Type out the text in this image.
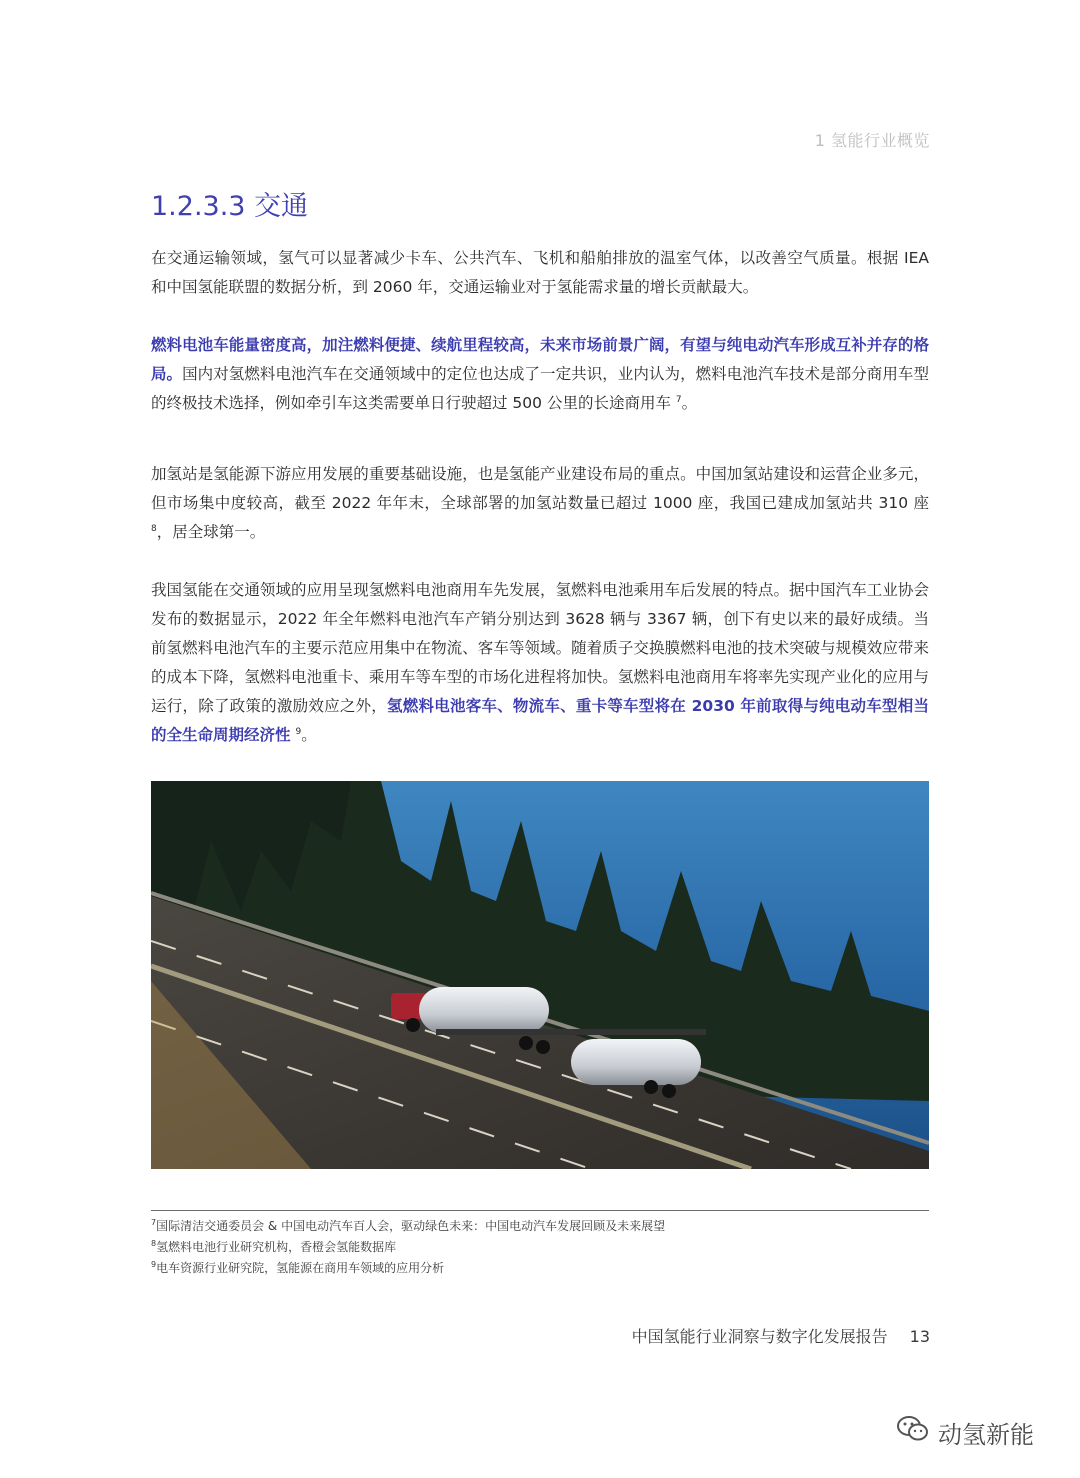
1 氢能行业概览
1.2.3.3 交通

在交通运输领域，氢气可以显著减少卡车、公共汽车、飞机和船舶排放的温室气体，以改善空气质量。根据 IEA 和中国氢能联盟的数据分析，到 2060 年，交通运输业对于氢能需求量的增长贡献最大。

燃料电池车能量密度高，加注燃料便捷、续航里程较高，未来市场前景广阔，有望与纯电动汽车形成互补并存的格局。国内对氢燃料电池汽车在交通领域中的定位也达成了一定共识，业内认为，燃料电池汽车技术是部分商用车型的终极技术选择，例如牵引车这类需要单日行驶超过 500 公里的长途商用车 $^7$。

加氢站是氢能源下游应用发展的重要基础设施，也是氢能产业建设布局的重点。中国加氢站建设和运营企业多元，但市场集中度较高，截至 2022 年年末，全球部署的加氢站数量已超过 1000 座，我国已建成加氢站共 310 座 $^8$，居全球第一。

我国氢能在交通领域的应用呈现氢燃料电池商用车先发展，氢燃料电池乘用车后发展的特点。据中国汽车工业协会发布的数据显示，2022 年全年燃料电池汽车产销分别达到 3628 辆与 3367 辆，创下有史以来的最好成绩。当前氢燃料电池汽车的主要示范应用集中在物流、客车等领域。随着质子交换膜燃料电池的技术突破与规模效应带来的成本下降，氢燃料电池重卡、乘用车等车型的市场化进程将加快。氢燃料电池商用车将率先实现产业化的应用与运行，除了政策的激励效应之外，氢燃料电池客车、物流车、重卡等车型将在 2030 年前取得与纯电动车型相当的全生命周期经济性 $^9$。

$^7$国际清洁交通委员会 & 中国电动汽车百人会，驱动绿色未来：中国电动汽车发展回顾及未来展望
$^8$氢燃料电池行业研究机构，香橙会氢能数据库
$^9$电车资源行业研究院，氢能源在商用车领域的应用分析
中国氢能行业洞察与数字化发展报告 13
动氢新能
